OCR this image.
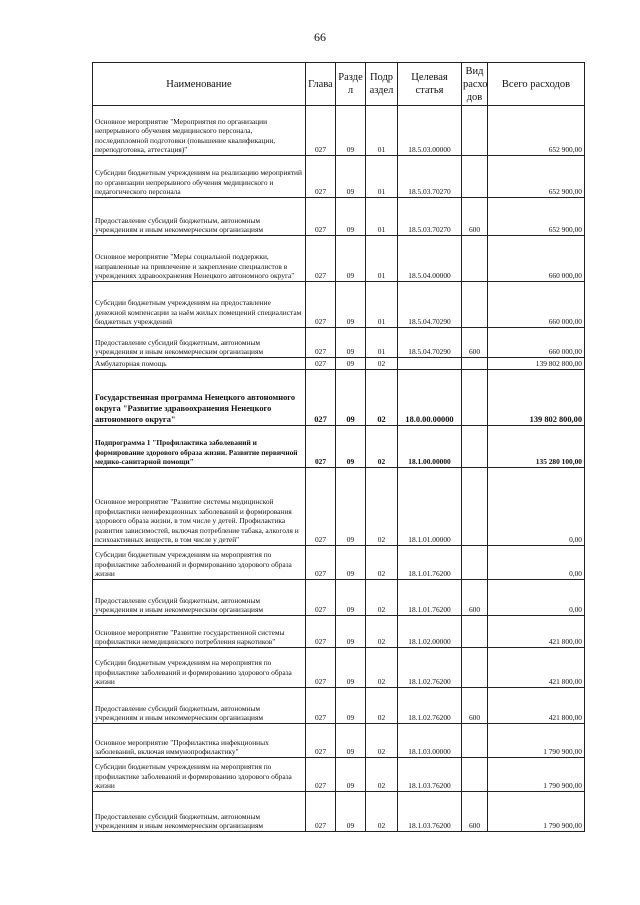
66
Наименование	Глава	Разде л	Подр аздел	Целевая статья	Вид расхо дов	Всего расходов
Основное мероприятие "Мероприятия по организации непрерывного обучения медицинского персонала, последипломной подготовки (повышение квалификации, переподготовка, аттестация)"	027	09	01	18.5.03.00000		652 900,00
Субсидии бюджетным учреждениям на реализацию мероприятий по организации непрерывного обучения медицинского и педагогического персонала	027	09	01	18.5.03.70270		652 900,00
Предоставление субсидий бюджетным, автономным учреждениям и иным некоммерческим организациям	027	09	01	18.5.03.70270	600	652 900,00
Основное мероприятие "Меры социальной поддержки, направленные на привлечение и закрепление специалистов в учреждениях здравоохранения Ненецкого автономного округа"	027	09	01	18.5.04.00000		660 000,00
Субсидии бюджетным учреждениям на предоставление денежной компенсации за наём жилых помещений специалистам бюджетных учреждений	027	09	01	18.5.04.70290		660 000,00
Предоставление субсидий бюджетным, автономным учреждениям и иным некоммерческим организациям	027	09	01	18.5.04.70290	600	660 000,00
Амбулаторная помощь	027	09	02			139 802 800,00
Государственная программа Ненецкого автономного округа "Развитие здравоохранения Ненецкого автономного округа"	027	09	02	18.0.00.00000		139 802 800,00
Подпрограмма 1 "Профилактика заболеваний и формирование здорового образа жизни. Развитие первичной медико-санитарной помощи"	027	09	02	18.1.00.00000		135 280 100,00
Основное мероприятие "Развитие системы медицинской профилактики неинфекционных заболеваний и формирования здорового образа жизни, в том числе у детей. Профилактика развития зависимостей, включая потребление табака, алкоголя и психоактивных веществ, в том числе у детей"	027	09	02	18.1.01.00000		0,00
Субсидии бюджетным учреждениям на мероприятия по профилактике заболеваний и формированию здорового образа жизни	027	09	02	18.1.01.76200		0,00
Предоставление субсидий бюджетным, автономным учреждениям и иным некоммерческим организациям	027	09	02	18.1.01.76200	600	0,00
Основное мероприятие "Развитие государственной системы профилактики немедицинского потребления наркотиков"	027	09	02	18.1.02.00000		421 800,00
Субсидии бюджетным учреждениям на мероприятия по профилактике заболеваний и формированию здорового образа жизни	027	09	02	18.1.02.76200		421 800,00
Предоставление субсидий бюджетным, автономным учреждениям и иным некоммерческим организациям	027	09	02	18.1.02.76200	600	421 800,00
Основное мероприятие "Профилактика инфекционных заболеваний, включая иммунопрофилактику"	027	09	02	18.1.03.00000		1 790 900,00
Субсидии бюджетным учреждениям на мероприятия по профилактике заболеваний и формированию здорового образа жизни	027	09	02	18.1.03.76200		1 790 900,00
Предоставление субсидий бюджетным, автономным учреждениям и иным некоммерческим организациям	027	09	02	18.1.03.76200	600	1 790 900,00
